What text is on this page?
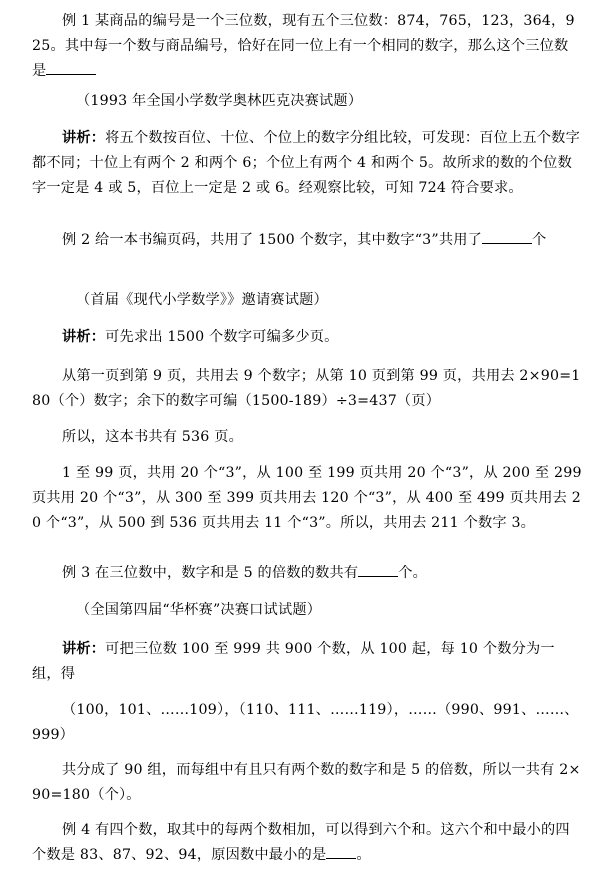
例 1 某商品的编号是一个三位数，现有五个三位数：874，765，123，364，925。其中每一个数与商品编号，恰好在同一位上有一个相同的数字，那么这个三位数是
（1993 年全国小学数学奥林匹克决赛试题）
讲析：将五个数按百位、十位、个位上的数字分组比较，可发现：百位上五个数字都不同；十位上有两个 2 和两个 6；个位上有两个 4 和两个 5。故所求的数的个位数字一定是 4 或 5，百位上一定是 2 或 6。经观察比较，可知 724 符合要求。
例 2 给一本书编页码，共用了 1500 个数字，其中数字“3”共用了	个
（首届《现代小学数学》》邀请赛试题）
讲析：可先求出 1500 个数字可编多少页。
从第一页到第 9 页，共用去 9 个数字；从第 10 页到第 99 页，共用去 2×90=180（个）数字；余下的数字可编（1500-189）÷3=437（页）
所以，这本书共有 536 页。
1 至 99 页，共用 20 个“3”，从 100 至 199 页共用 20 个“3”，从 200 至 299 页共用 20 个“3”，从 300 至 399 页共用去 120 个“3”，从 400 至 499 页共用去 20 个“3”，从 500 到 536 页共用去 11 个“3”。所以，共用去 211 个数字 3。
例 3 在三位数中，数字和是 5 的倍数的数共有	个。
（全国第四届“华杯赛”决赛口试试题）
讲析：可把三位数 100 至 999 共 900 个数，从 100 起，每 10 个数分为一组，得
（100，101、……109），（110、111、……119），……（990、991、……、999）
共分成了 90 组，而每组中有且只有两个数的数字和是 5 的倍数，所以一共有 2×90=180（个）。
例 4 有四个数，取其中的每两个数相加，可以得到六个和。这六个和中最小的四个数是 83、87、92、94，原因数中最小的是 。
